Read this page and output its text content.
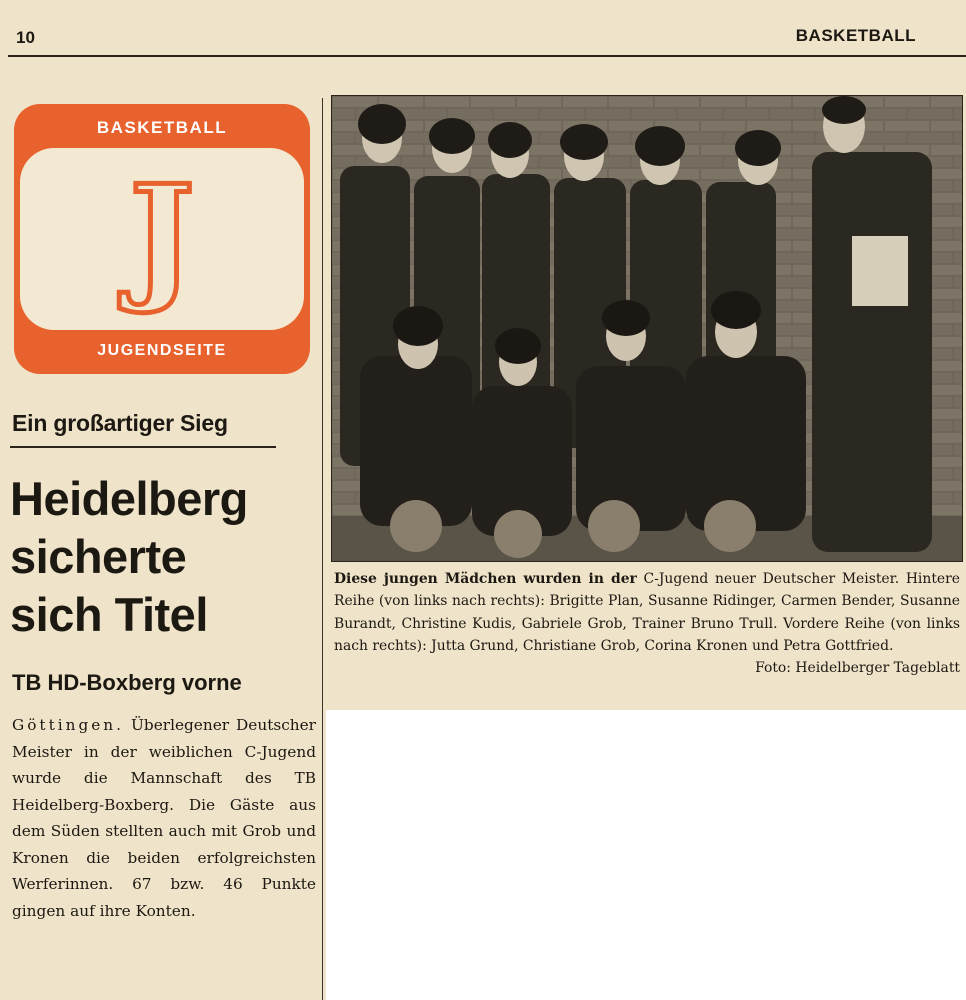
10	BASKETBALL
BASKETBALL
J
JUGENDSEITE
Ein großartiger Sieg
Heidelberg
sicherte
sich Titel
TB HD-Boxberg vorne
Göttingen. Überlegener Deutscher Meister in der weiblichen C-Jugend wurde die Mannschaft des TB Heidelberg-Boxberg. Die Gäste aus dem Süden stellten auch mit Grob und Kronen die beiden erfolgreichsten Werferinnen. 67 bzw. 46 Punkte gingen auf ihre Konten.
Diese jungen Mädchen wurden in der C-Jugend neuer Deutscher Meister. Hintere Reihe (von links nach rechts): Brigitte Plan, Susanne Ridinger, Carmen Bender, Susanne Burandt, Christine Kudis, Gabriele Grob, Trainer Bruno Trull. Vordere Reihe (von links nach rechts): Jutta Grund, Christiane Grob, Corina Kronen und Petra Gottfried.
Foto: Heidelberger Tageblatt
